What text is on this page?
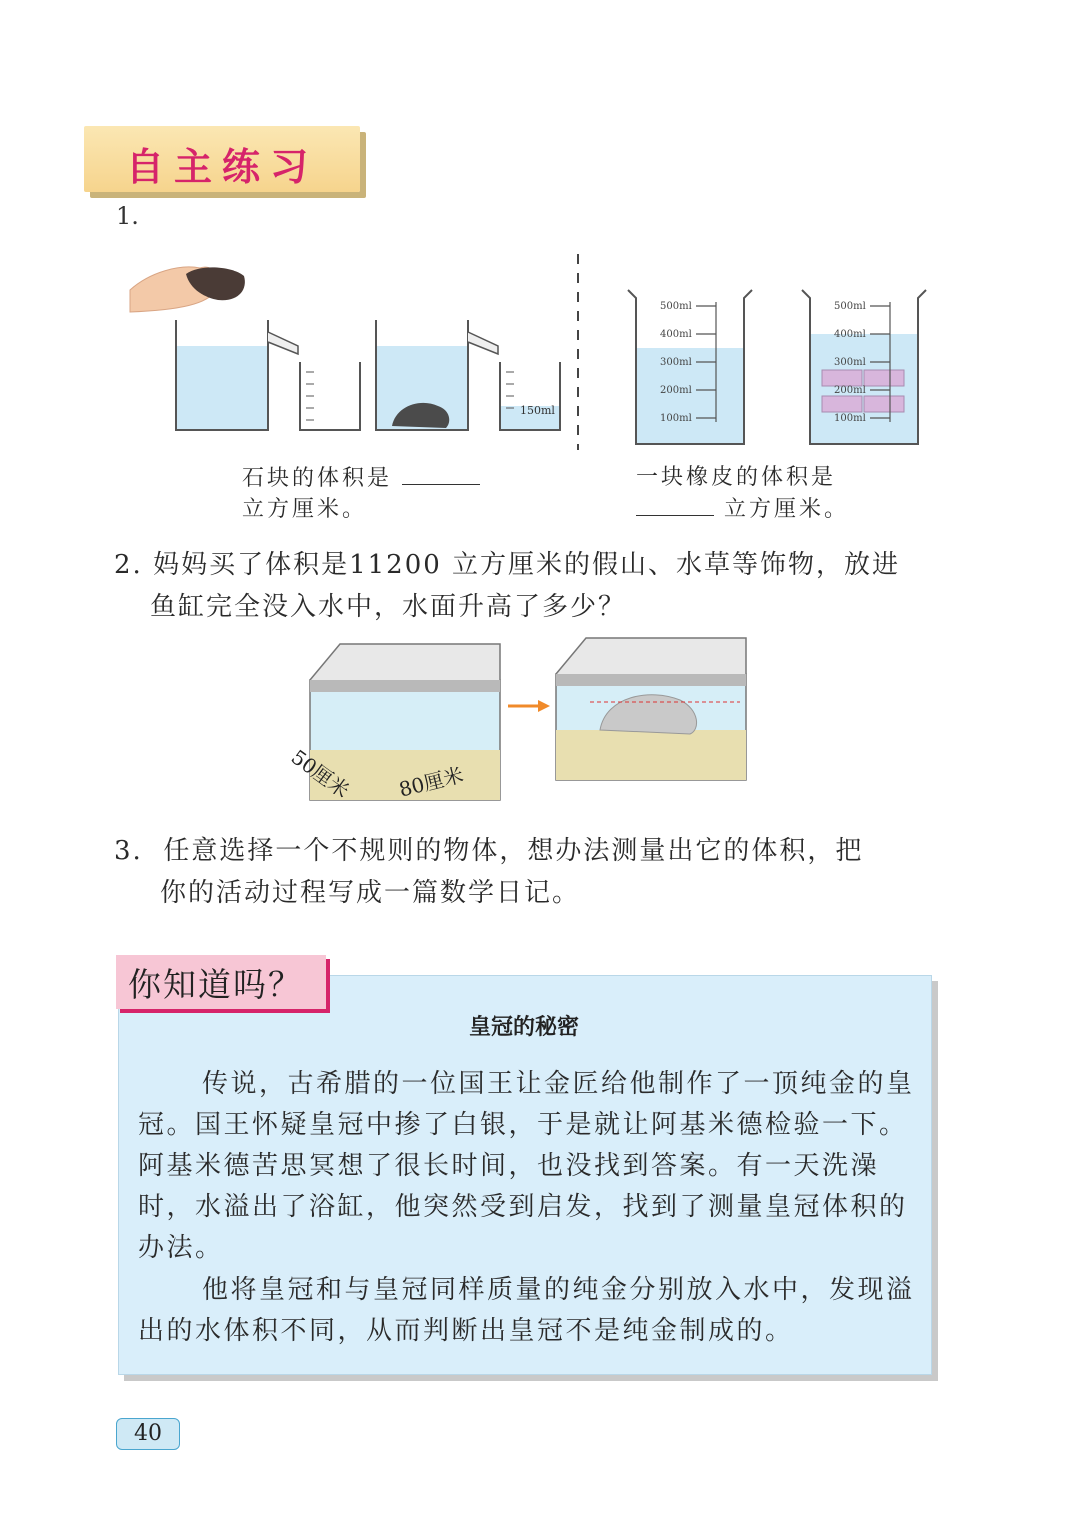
自主练习
1.
150ml
500ml
400ml
300ml
200ml
100ml
500ml
400ml
300ml
200ml
100ml
石块的体积是
立方厘米。
一块橡皮的体积是
立方厘米。
2. 妈妈买了体积是11200 立方厘米的假山、水草等饰物，放进
鱼缸完全没入水中，水面升高了多少？
50厘米 80厘米
3. 任意选择一个不规则的物体，想办法测量出它的体积，把
你的活动过程写成一篇数学日记。
你知道吗？
皇冠的秘密
传说，古希腊的一位国王让金匠给他制作了一顶纯金的皇冠。国王怀疑皇冠中掺了白银，于是就让阿基米德检验一下。阿基米德苦思冥想了很长时间，也没找到答案。有一天洗澡时，水溢出了浴缸，他突然受到启发，找到了测量皇冠体积的办法。
他将皇冠和与皇冠同样质量的纯金分别放入水中，发现溢出的水体积不同，从而判断出皇冠不是纯金制成的。
40
